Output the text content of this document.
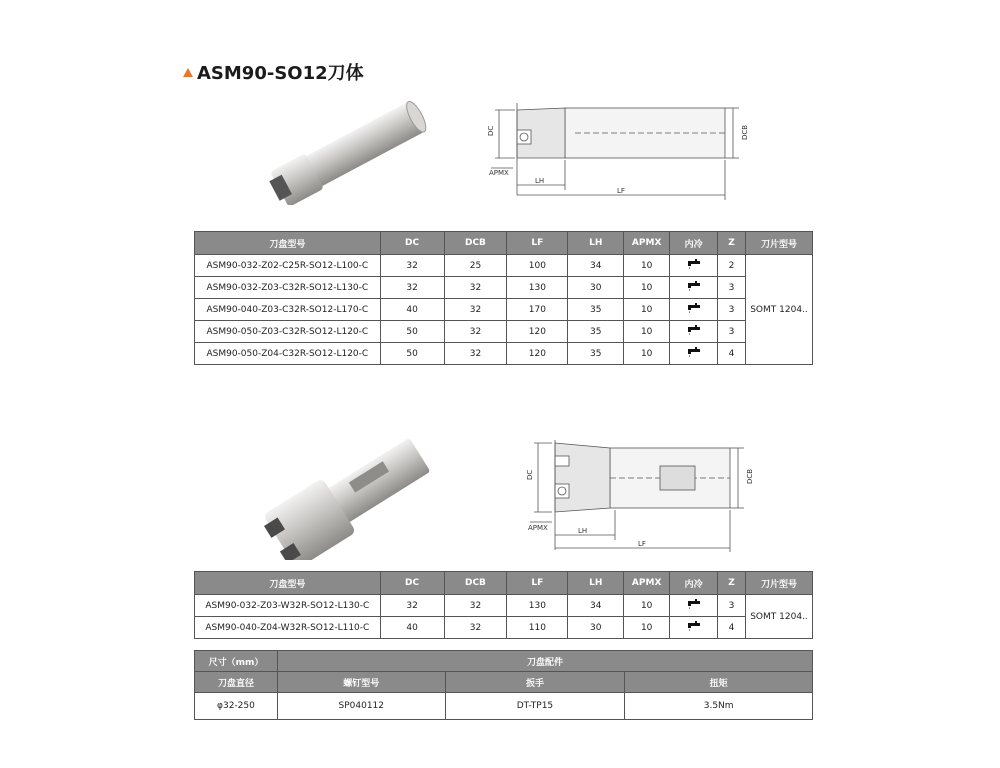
ASM90-SO12刀体
DC	DCB
APMX
LH
LF
刀盘型号	DC	DCB	LF	LH	APMX	内冷	Z	刀片型号
ASM90-032-Z02-C25R-SO12-L100-C	32	25	100	34	10		2	SOMT 1204..
ASM90-032-Z03-C32R-SO12-L130-C	32	32	130	30	10		3	
ASM90-040-Z03-C32R-SO12-L170-C	40	32	170	35	10		3	
ASM90-050-Z03-C32R-SO12-L120-C	50	32	120	35	10		3	
ASM90-050-Z04-C32R-SO12-L120-C	50	32	120	35	10		4	
DC	DCB
APMX	LH
LF
刀盘型号	DC	DCB	LF	LH	APMX	内冷	Z	刀片型号
ASM90-032-Z03-W32R-SO12-L130-C	32	32	130	34	10		3	SOMT 1204..
ASM90-040-Z04-W32R-SO12-L110-C	40	32	110	30	10		4	
尺寸（mm）	刀盘配件		
刀盘直径	螺钉型号	扳手	扭矩
φ32-250	SP040112	DT-TP15	3.5Nm
